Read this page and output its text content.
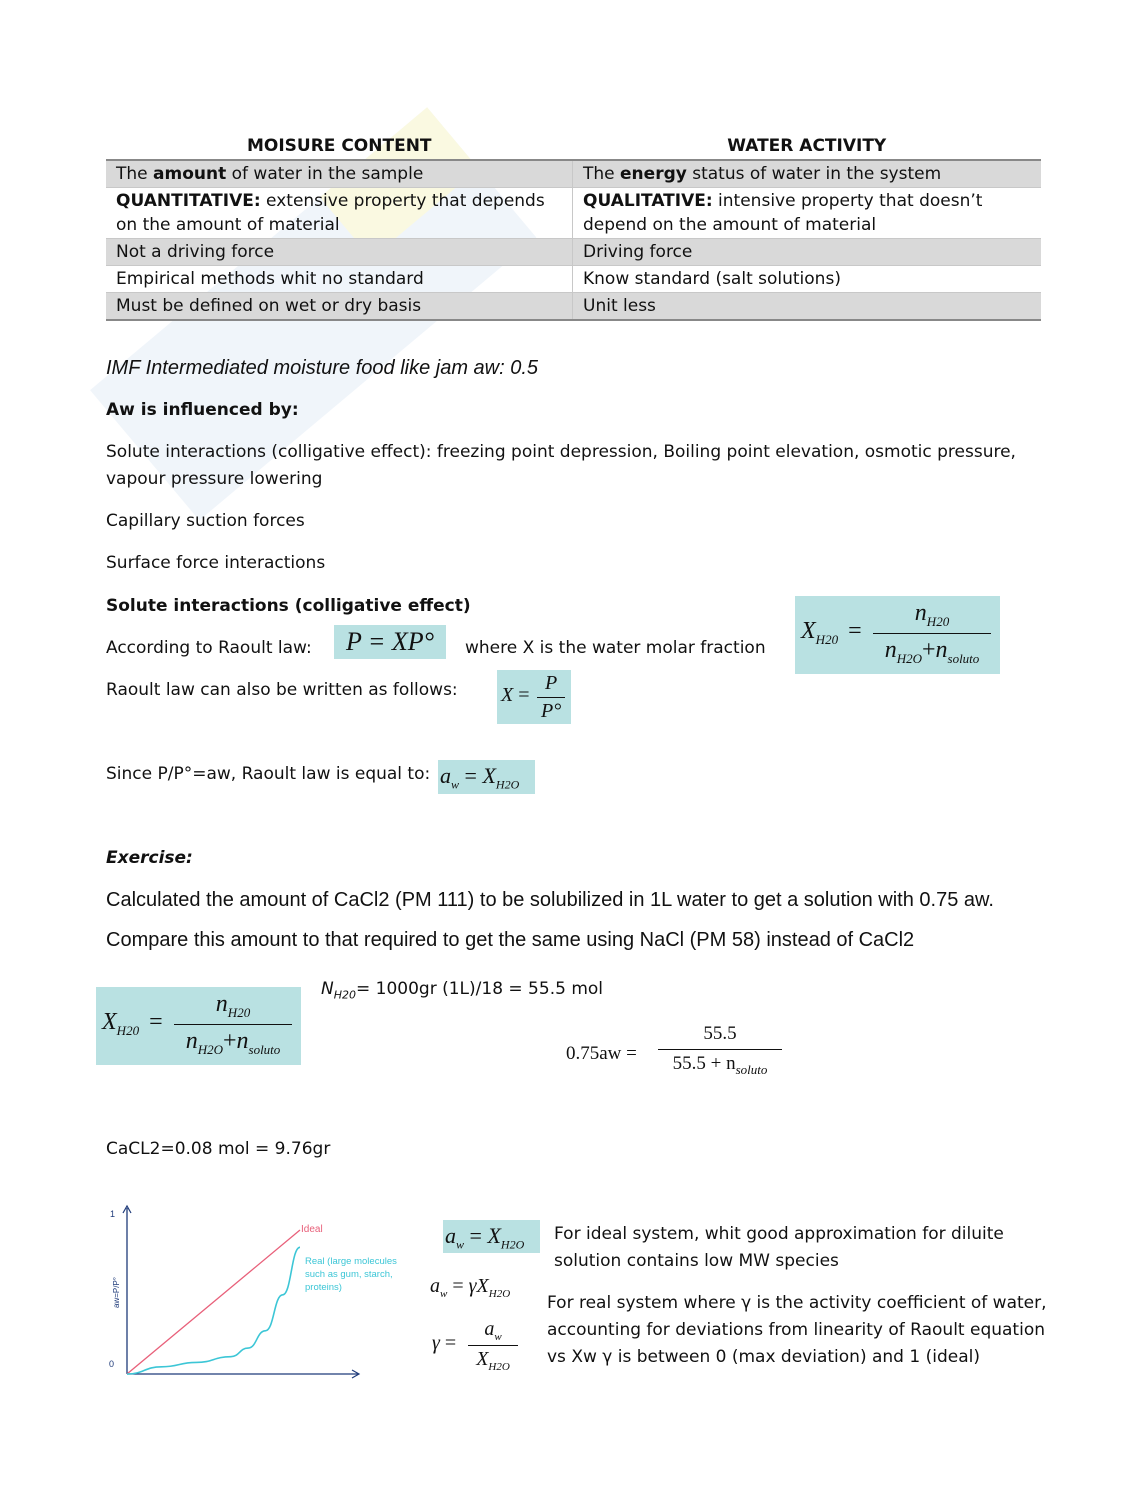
MOISURE CONTENT	WATER ACTIVITY
The amount of water in the sample	The energy status of water in the system
QUANTITATIVE: extensive property that depends on the amount of material	QUALITATIVE: intensive property that doesn’t depend on the amount of material
Not a driving force	Driving force
Empirical methods whit no standard	Know standard (salt solutions)
Must be defined on wet or dry basis	Unit less
IMF Intermediated moisture food like jam aw: 0.5
Aw is influenced by:
Solute interactions (colligative effect): freezing point depression, Boiling point elevation, osmotic pressure,
vapour pressure lowering
Capillary suction forces
Surface force interactions
Solute interactions (colligative effect)
According to Raoult law:	P = XP°	where X is the water molar fraction
$X_{H20}$ =
$n_{H20}$
$n_{H2O}+n_{soluto}$
Raoult law can also be written as follows: $X = \frac{P}{P^\circ}$
Since P/P°=aw, Raoult law is equal to: $a_w = X_{H2O}$
Exercise:
Calculated the amount of CaCl2 (PM 111) to be solubilized in 1L water to get a solution with 0.75 aw.
Compare this amount to that required to get the same using NaCl (PM 58) instead of CaCl2
$X_{H20}$ =
$n_{H20}$
$n_{H2O}+n_{soluto}$
$N_{H20}= 1000gr$ (1L)/18 = 55.5 mol
0.75aw =
55.5
$55.5 + n_{soluto}$
CaCL2=0.08 mol = 9.76gr
1
0
aw=P/P°
Ideal
Real (large molecules
such as gum, starch,
proteins)
$a_w = X_{H2O}$
For ideal system, whit good approximation for diluite
solution contains low MW species
$a_w = \gamma X_{H2O}$
γ =
$a_w$
$X_{H2O}$
For real system where γ is the activity coefficient of water,
accounting for deviations from linearity of Raoult equation
vs Xw γ is between 0 (max deviation) and 1 (ideal)
